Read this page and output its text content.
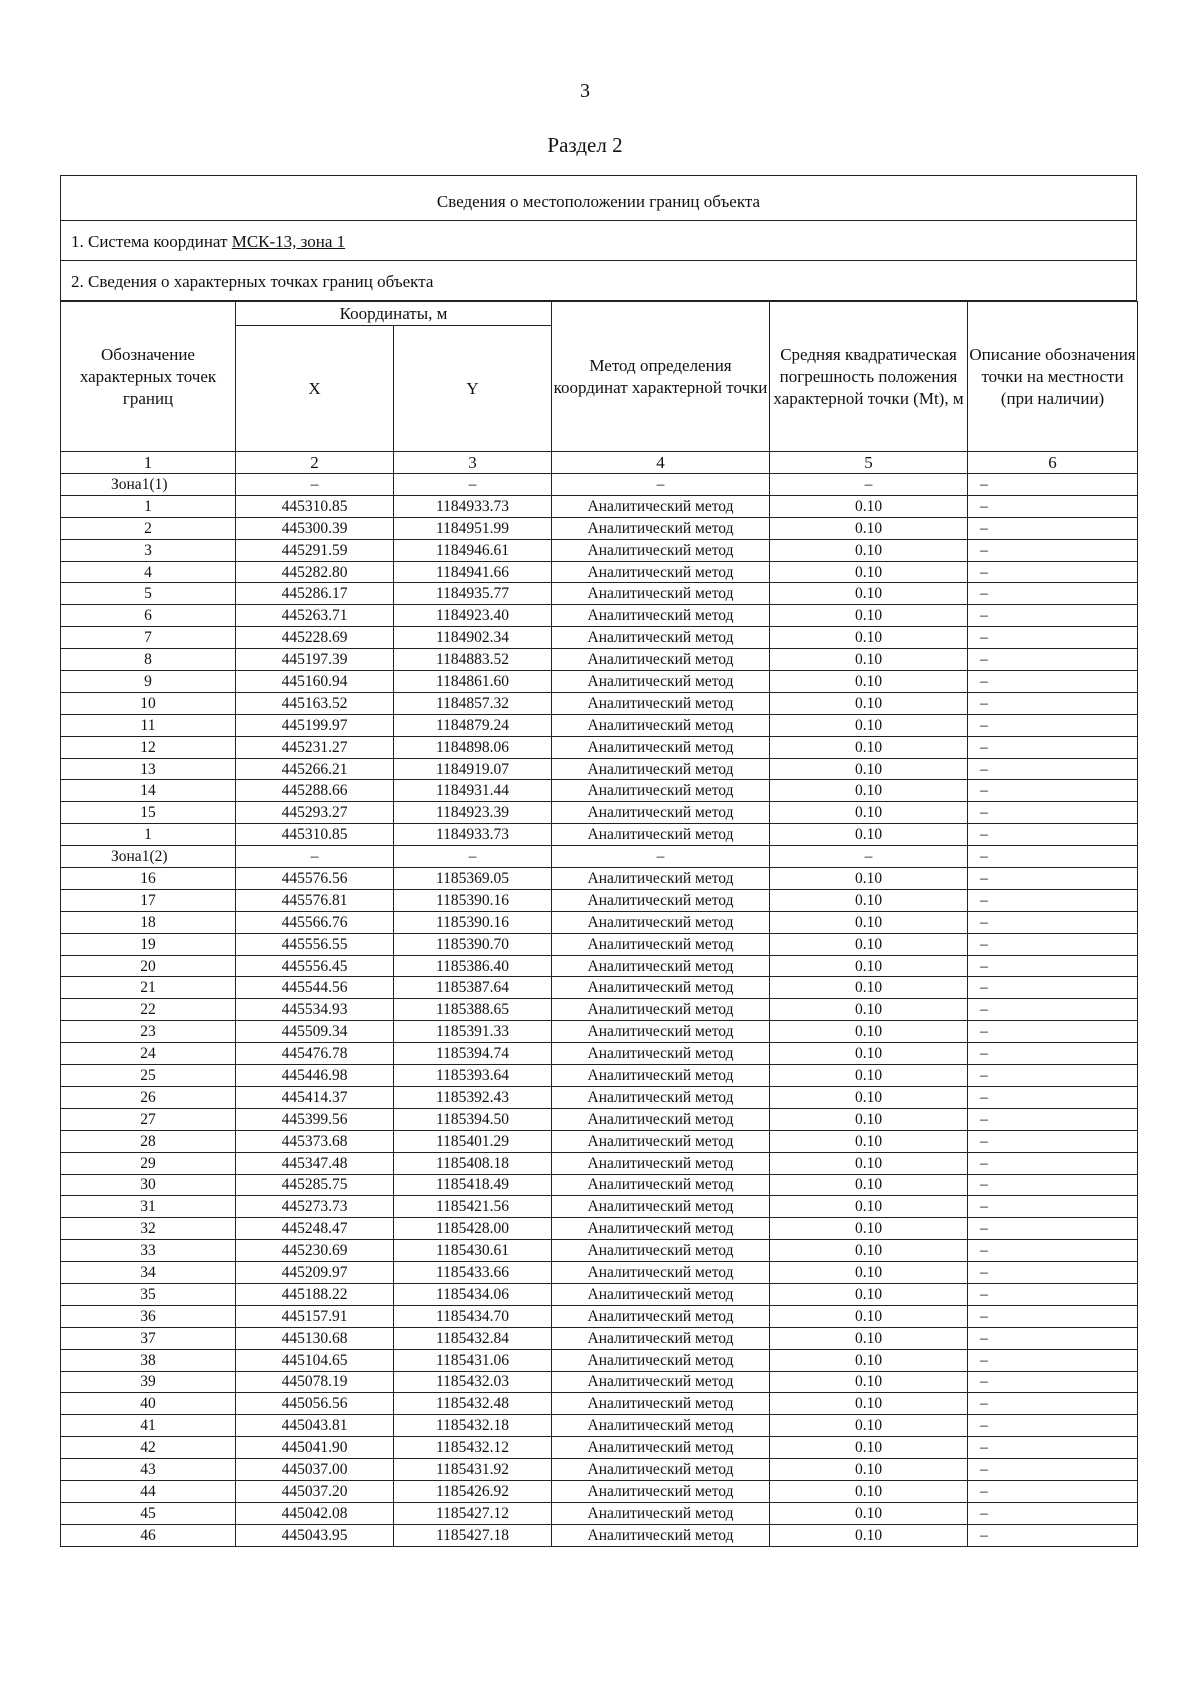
3
Раздел 2
Сведения о местоположении границ объекта
1. Система координат МСК-13, зона 1
2. Сведения о характерных точках границ объекта
Обозначение характерных точек границ	Координаты, м		Метод определения координат характерной точки	Средняя квадратическая погрешность положения характерной точки (Mt), м	Описание обозначения точки на местности (при наличии)
	X	Y			
1	2	3	4	5	6
Зона1(1)	–	–	–	–	–
1	445310.85	1184933.73	Аналитический метод	0.10	–
2	445300.39	1184951.99	Аналитический метод	0.10	–
3	445291.59	1184946.61	Аналитический метод	0.10	–
4	445282.80	1184941.66	Аналитический метод	0.10	–
5	445286.17	1184935.77	Аналитический метод	0.10	–
6	445263.71	1184923.40	Аналитический метод	0.10	–
7	445228.69	1184902.34	Аналитический метод	0.10	–
8	445197.39	1184883.52	Аналитический метод	0.10	–
9	445160.94	1184861.60	Аналитический метод	0.10	–
10	445163.52	1184857.32	Аналитический метод	0.10	–
11	445199.97	1184879.24	Аналитический метод	0.10	–
12	445231.27	1184898.06	Аналитический метод	0.10	–
13	445266.21	1184919.07	Аналитический метод	0.10	–
14	445288.66	1184931.44	Аналитический метод	0.10	–
15	445293.27	1184923.39	Аналитический метод	0.10	–
1	445310.85	1184933.73	Аналитический метод	0.10	–
Зона1(2)	–	–	–	–	–
16	445576.56	1185369.05	Аналитический метод	0.10	–
17	445576.81	1185390.16	Аналитический метод	0.10	–
18	445566.76	1185390.16	Аналитический метод	0.10	–
19	445556.55	1185390.70	Аналитический метод	0.10	–
20	445556.45	1185386.40	Аналитический метод	0.10	–
21	445544.56	1185387.64	Аналитический метод	0.10	–
22	445534.93	1185388.65	Аналитический метод	0.10	–
23	445509.34	1185391.33	Аналитический метод	0.10	–
24	445476.78	1185394.74	Аналитический метод	0.10	–
25	445446.98	1185393.64	Аналитический метод	0.10	–
26	445414.37	1185392.43	Аналитический метод	0.10	–
27	445399.56	1185394.50	Аналитический метод	0.10	–
28	445373.68	1185401.29	Аналитический метод	0.10	–
29	445347.48	1185408.18	Аналитический метод	0.10	–
30	445285.75	1185418.49	Аналитический метод	0.10	–
31	445273.73	1185421.56	Аналитический метод	0.10	–
32	445248.47	1185428.00	Аналитический метод	0.10	–
33	445230.69	1185430.61	Аналитический метод	0.10	–
34	445209.97	1185433.66	Аналитический метод	0.10	–
35	445188.22	1185434.06	Аналитический метод	0.10	–
36	445157.91	1185434.70	Аналитический метод	0.10	–
37	445130.68	1185432.84	Аналитический метод	0.10	–
38	445104.65	1185431.06	Аналитический метод	0.10	–
39	445078.19	1185432.03	Аналитический метод	0.10	–
40	445056.56	1185432.48	Аналитический метод	0.10	–
41	445043.81	1185432.18	Аналитический метод	0.10	–
42	445041.90	1185432.12	Аналитический метод	0.10	–
43	445037.00	1185431.92	Аналитический метод	0.10	–
44	445037.20	1185426.92	Аналитический метод	0.10	–
45	445042.08	1185427.12	Аналитический метод	0.10	–
46	445043.95	1185427.18	Аналитический метод	0.10	–
